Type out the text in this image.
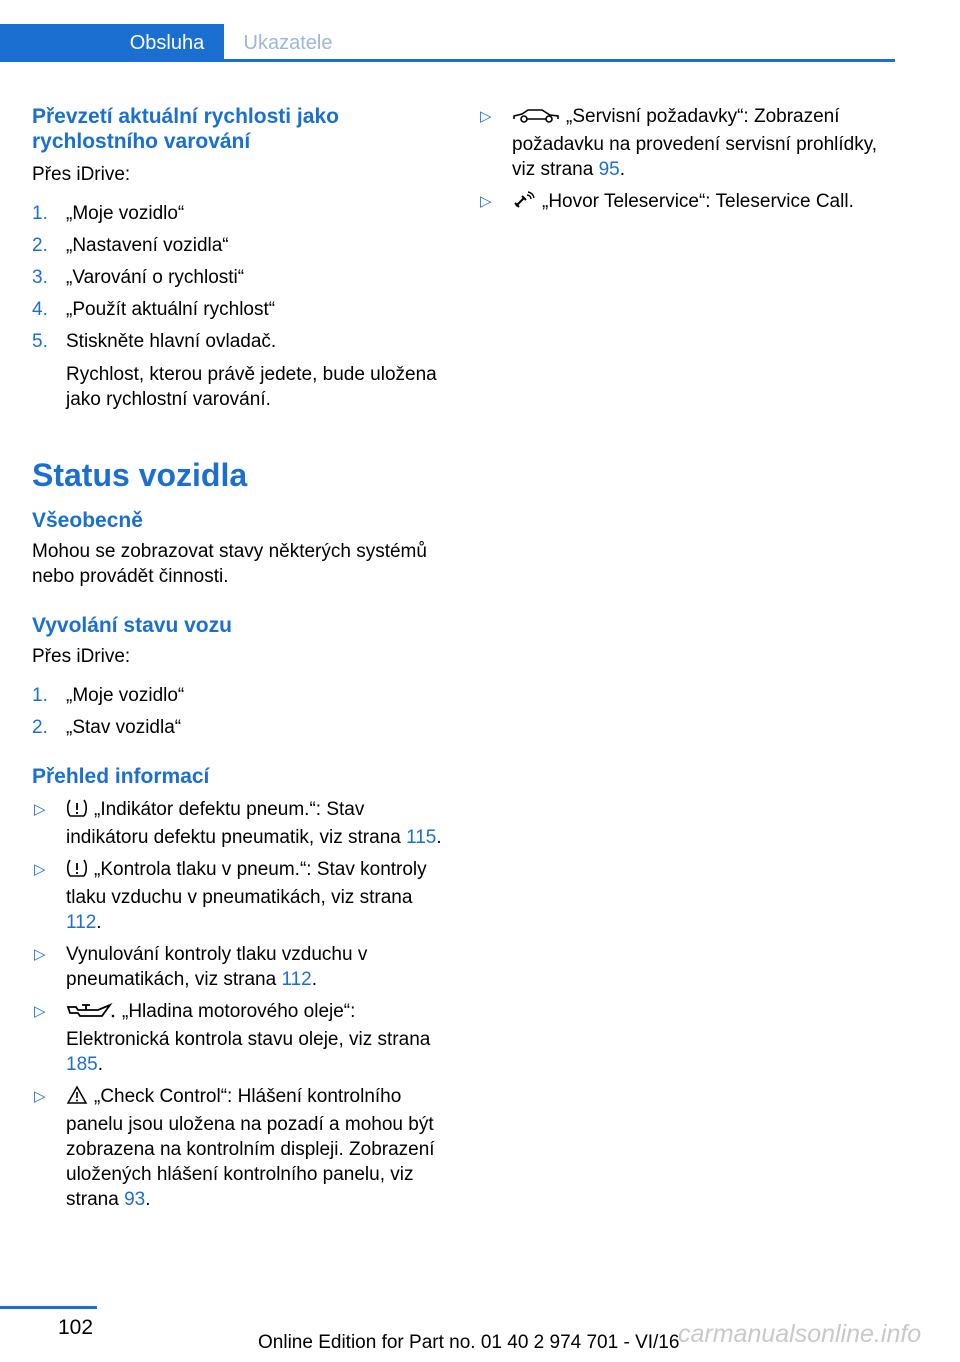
Obsluha	Ukazatele
Převzetí aktuální rychlosti jako rychlostního varování

Přes iDrive:

1. „Moje vozidlo“
2. „Nastavení vozidla“
3. „Varování o rychlosti“
4. „Použít aktuální rychlost“
5. Stiskněte hlavní ovladač.

Rychlost, kterou právě jedete, bude uložena jako rychlostní varování.

Status vozidla
Všeobecně

Mohou se zobrazovat stavy některých systémů nebo provádět činnosti.

Vyvolání stavu vozu

Přes iDrive:

1. „Moje vozidlo“
2. „Stav vozidla“
Přehled informací
▷	„Indikátor defektu pneum.“: Stav indikátoru defektu pneumatik, viz strana 115.
▷	„Kontrola tlaku v pneum.“: Stav kontroly tlaku vzduchu v pneumatikách, viz strana 112.
▷ Vynulování kontroly tlaku vzduchu v pneumatikách, viz strana 112.
▷	„Hladina motorového oleje“: Elektronická kontrola stavu oleje, viz strana 185.
▷	„Check Control“: Hlášení kontrolního panelu jsou uložena na pozadí a mohou být zobrazena na kontrolním displeji. Zobrazení uložených hlášení kontrolního panelu, viz strana 93.
▷	„Servisní požadavky“: Zobrazení požadavku na provedení servisní prohlídky, viz strana 95.
▷	„Hovor Teleservice“: Teleservice Call.
102
Online Edition for Part no. 01 40 2 974 701 - VI/16
carmanualsonline.info
